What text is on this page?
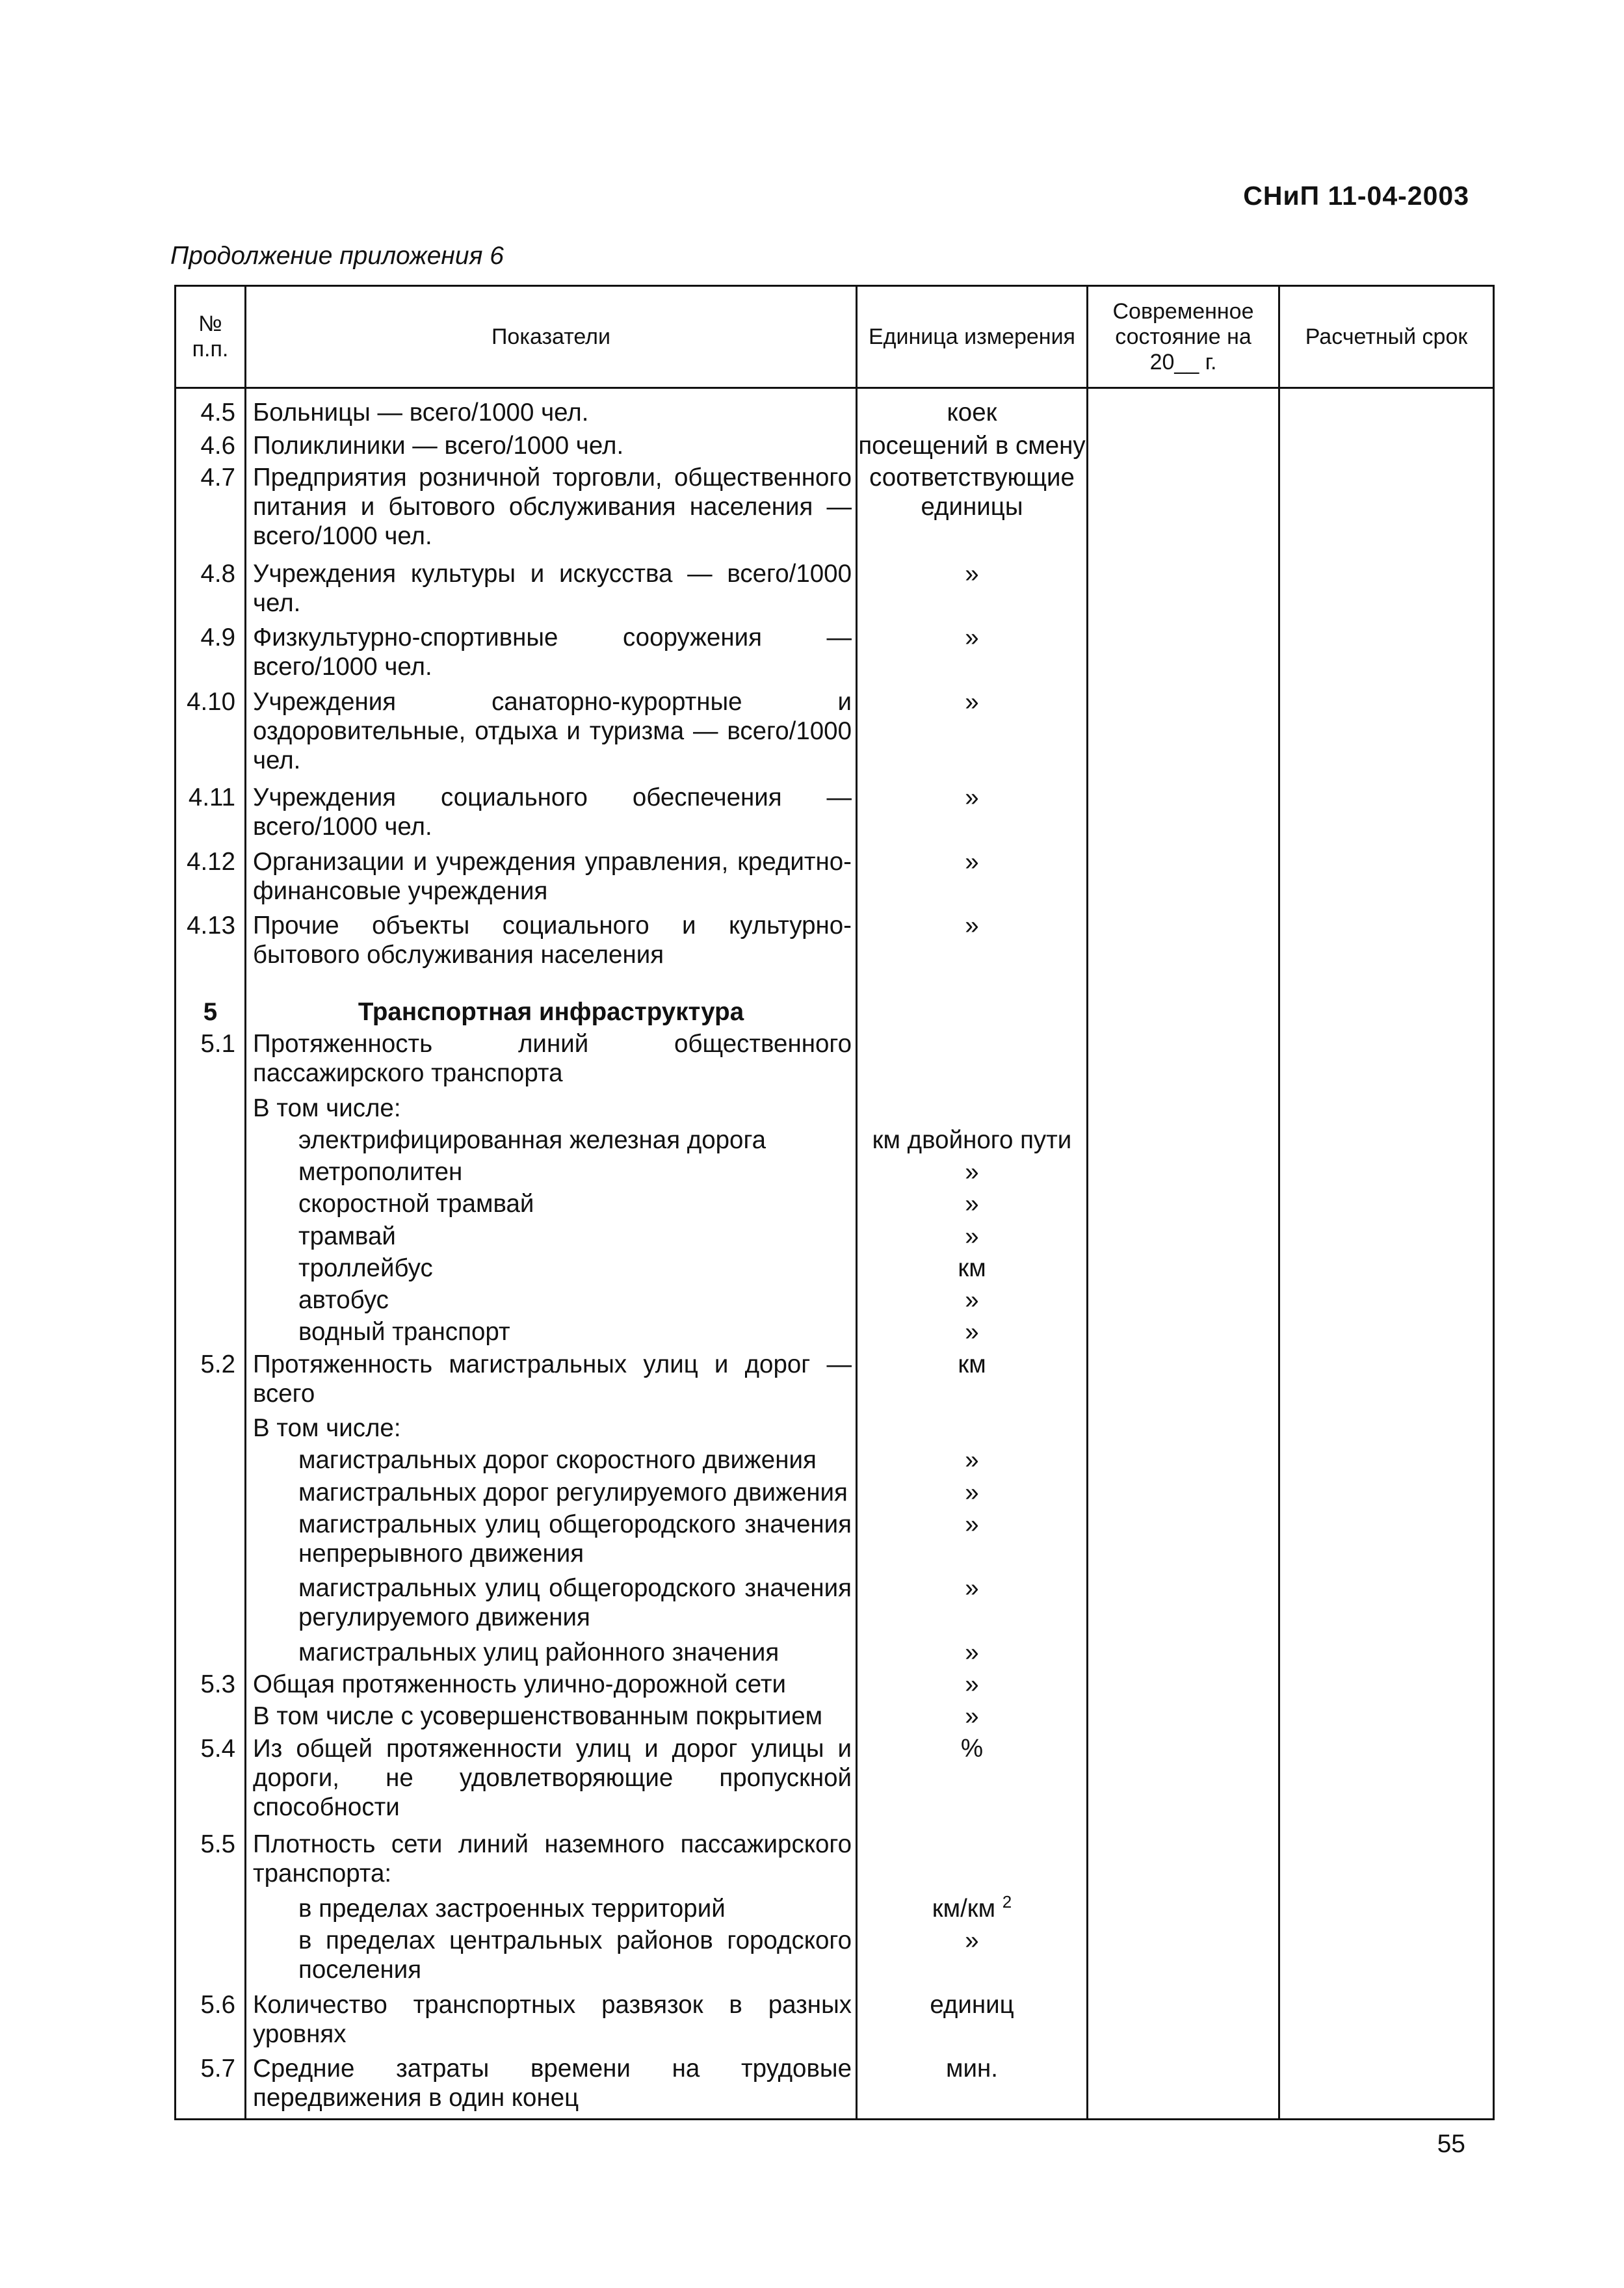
СНиП 11-04-2003
Продолжение приложения 6
№ п.п.	Показатели	Единица измерения	Современное состояние на 20__ г.	Расчетный срок
4.5	Больницы — всего/1000 чел.	коек		
4.6	Поликлиники — всего/1000 чел.	посещений в смену		
4.7	Предприятия розничной торговли, общественного питания и бытового обслуживания населения — всего/1000 чел.	соответствующие единицы		
4.8	Учреждения культуры и искусства — всего/1000 чел.	»		
4.9	Физкультурно-спортивные сооружения — всего/1000 чел.	»		
4.10	Учреждения санаторно-курортные и оздоровительные, отдыха и туризма — всего/1000 чел.	»		
4.11	Учреждения социального обеспечения — всего/1000 чел.	»		
4.12	Организации и учреждения управления, кредитно-финансовые учреждения	»		
4.13	Прочие объекты социального и культурно-бытового обслуживания населения	»		

5	Транспортная инфраструктура			
5.1	Протяженность линий общественного пассажирского транспорта			
	В том числе:			
	электрифицированная железная дорога	км двойного пути		
	метрополитен	»		
	скоростной трамвай	»		
	трамвай	»		
	троллейбус	км		
	автобус	»		
	водный транспорт	»		
5.2	Протяженность магистральных улиц и дорог — всего	км		
	В том числе:			
	магистральных дорог скоростного движения	»		
	магистральных дорог регулируемого движения	»		
	магистральных улиц общегородского значения непрерывного движения	»		
	магистральных улиц общегородского значения регулируемого движения	»		
	магистральных улиц районного значения	»		
5.3	Общая протяженность улично-дорожной сети	»		
	В том числе с усовершенствованным покрытием	»		
5.4	Из общей протяженности улиц и дорог улицы и дороги, не удовлетворяющие пропускной способности	%		
5.5	Плотность сети линий наземного пассажирского транспорта:			
	в пределах застроенных территорий	км/км $^2$		
	в пределах центральных районов городского поселения	»		
5.6	Количество транспортных развязок в разных уровнях	единиц		
5.7	Средние затраты времени на трудовые передвижения в один конец	мин.		

55
